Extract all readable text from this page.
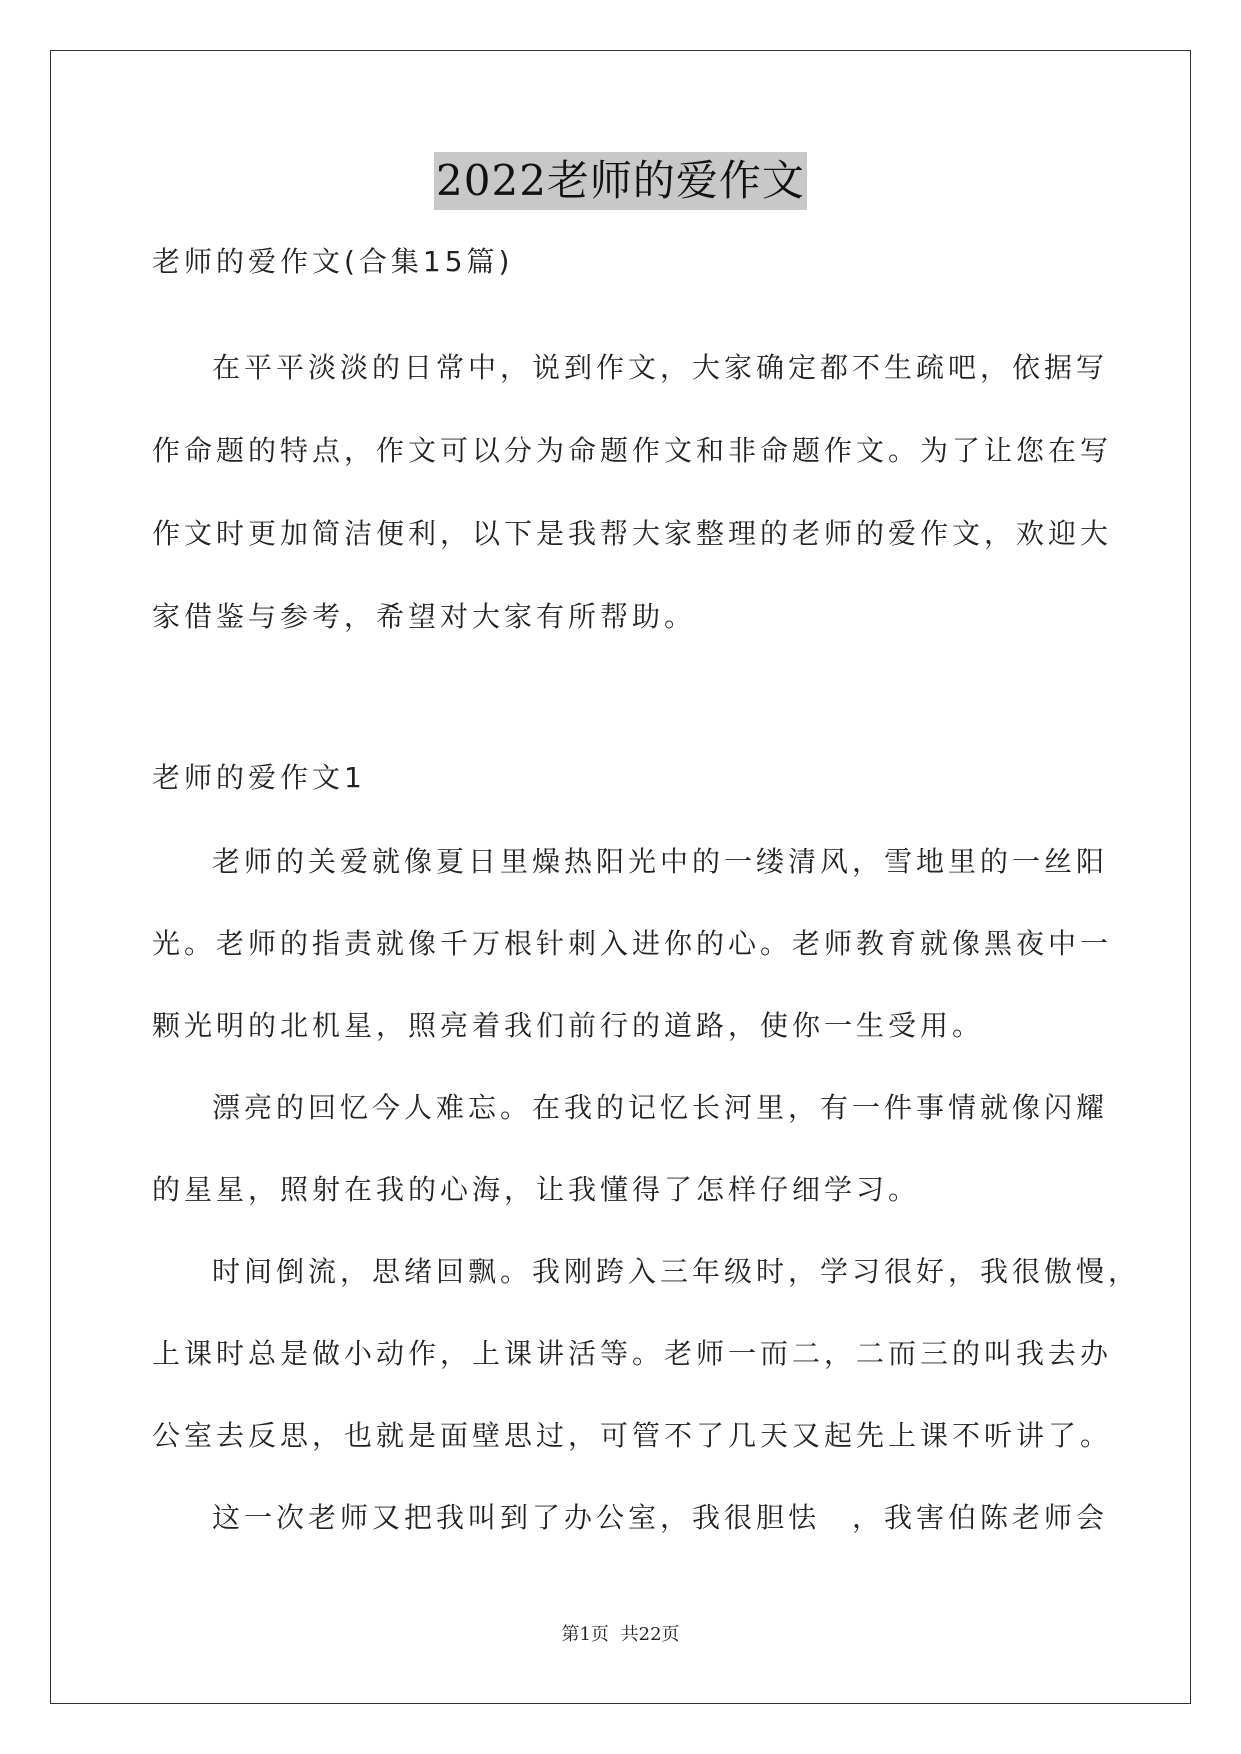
2022老师的爱作文
老师的爱作文(合集15篇)
在平平淡淡的日常中，说到作文，大家确定都不生疏吧，依据写
作命题的特点，作文可以分为命题作文和非命题作文。为了让您在写
作文时更加简洁便利，以下是我帮大家整理的老师的爱作文，欢迎大
家借鉴与参考，希望对大家有所帮助。
老师的爱作文1
老师的关爱就像夏日里燥热阳光中的一缕清风，雪地里的一丝阳
光。老师的指责就像千万根针刺入进你的心。老师教育就像黑夜中一
颗光明的北机星，照亮着我们前行的道路，使你一生受用。
漂亮的回忆今人难忘。在我的记忆长河里，有一件事情就像闪耀
的星星，照射在我的心海，让我懂得了怎样仔细学习。
时间倒流，思绪回飘。我刚跨入三年级时，学习很好，我很傲慢，
上课时总是做小动作，上课讲活等。老师一而二，二而三的叫我去办
公室去反思，也就是面壁思过，可管不了几天又起先上课不听讲了。
这一次老师又把我叫到了办公室，我很胆怯　，我害伯陈老师会
第1页 共22页
